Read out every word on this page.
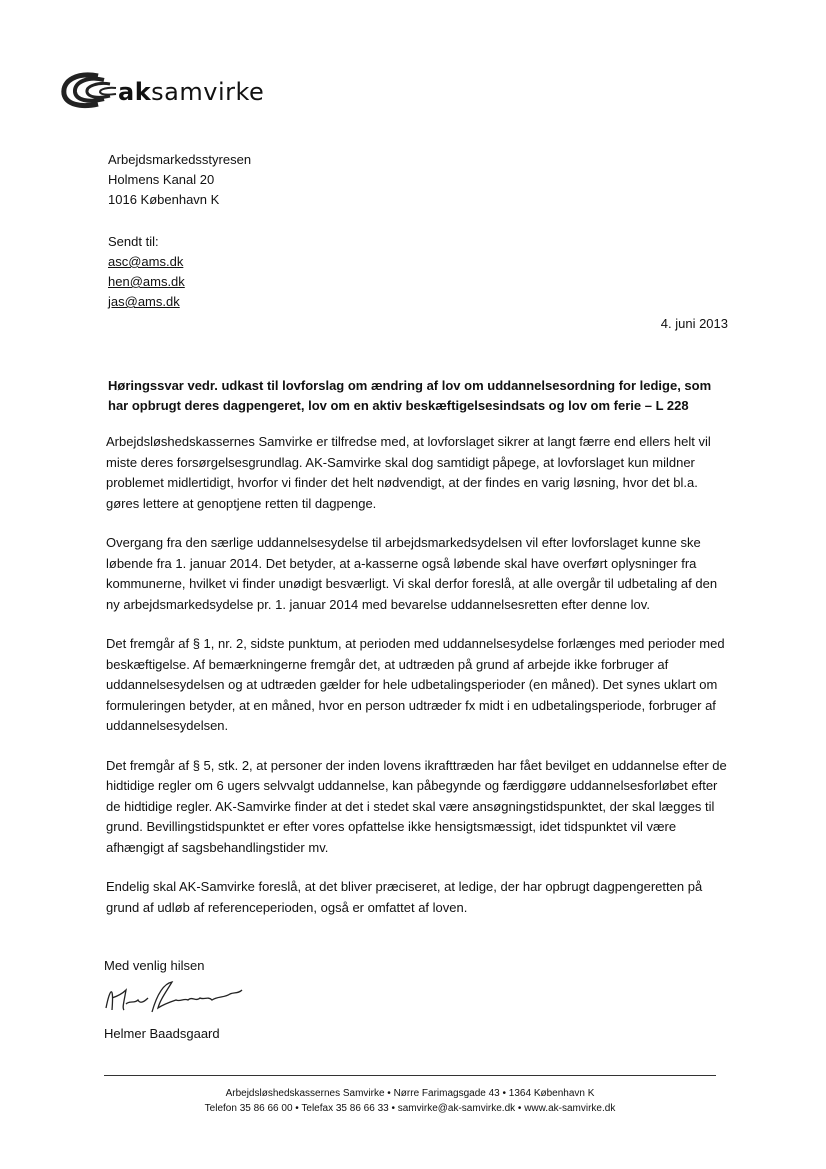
aksamvirke
Arbejdsmarkedsstyresen
Holmens Kanal 20
1016 København K
Sendt til:
asc@ams.dk
hen@ams.dk
jas@ams.dk
4. juni 2013
Høringssvar vedr. udkast til lovforslag om ændring af lov om uddannelsesordning for ledige, som har opbrugt deres dagpengeret, lov om en aktiv beskæftigelsesindsats og lov om ferie – L 228

Arbejdsløshedskassernes Samvirke er tilfredse med, at lovforslaget sikrer at langt færre end ellers helt vil miste deres forsørgelsesgrundlag. AK-Samvirke skal dog samtidigt påpege, at lovforslaget kun mildner problemet midlertidigt, hvorfor vi finder det helt nødvendigt, at der findes en varig løsning, hvor det bl.a. gøres lettere at genoptjene retten til dagpenge.

Overgang fra den særlige uddannelsesydelse til arbejdsmarkedsydelsen vil efter lovforslaget kunne ske løbende fra 1. januar 2014. Det betyder, at a-kasserne også løbende skal have overført oplysninger fra kommunerne, hvilket vi finder unødigt besværligt. Vi skal derfor foreslå, at alle overgår til udbetaling af den ny arbejdsmarkedsydelse pr. 1. januar 2014 med bevarelse uddannelsesretten efter denne lov.

Det fremgår af § 1, nr. 2, sidste punktum, at perioden med uddannelsesydelse forlænges med perioder med beskæftigelse. Af bemærkningerne fremgår det, at udtræden på grund af arbejde ikke forbruger af uddannelsesydelsen og at udtræden gælder for hele udbetalingsperioder (en måned). Det synes uklart om formuleringen betyder, at en måned, hvor en person udtræder fx midt i en udbetalingsperiode, forbruger af uddannelsesydelsen.

Det fremgår af § 5, stk. 2, at personer der inden lovens ikrafttræden har fået bevilget en uddannelse efter de hidtidige regler om 6 ugers selvvalgt uddannelse, kan påbegynde og færdiggøre uddannelsesforløbet efter de hidtidige regler. AK-Samvirke finder at det i stedet skal være ansøgningstidspunktet, der skal lægges til grund. Bevillingstidspunktet er efter vores opfattelse ikke hensigtsmæssigt, idet tidspunktet vil være afhængigt af sagsbehandlingstider mv.

Endelig skal AK-Samvirke foreslå, at det bliver præciseret, at ledige, der har opbrugt dagpengeretten på grund af udløb af referenceperioden, også er omfattet af loven.

Med venlig hilsen
Helmer Baadsgaard
Arbejdsløshedskassernes Samvirke • Nørre Farimagsgade 43 • 1364 København K
Telefon 35 86 66 00 • Telefax 35 86 66 33 • samvirke@ak-samvirke.dk • www.ak-samvirke.dk
